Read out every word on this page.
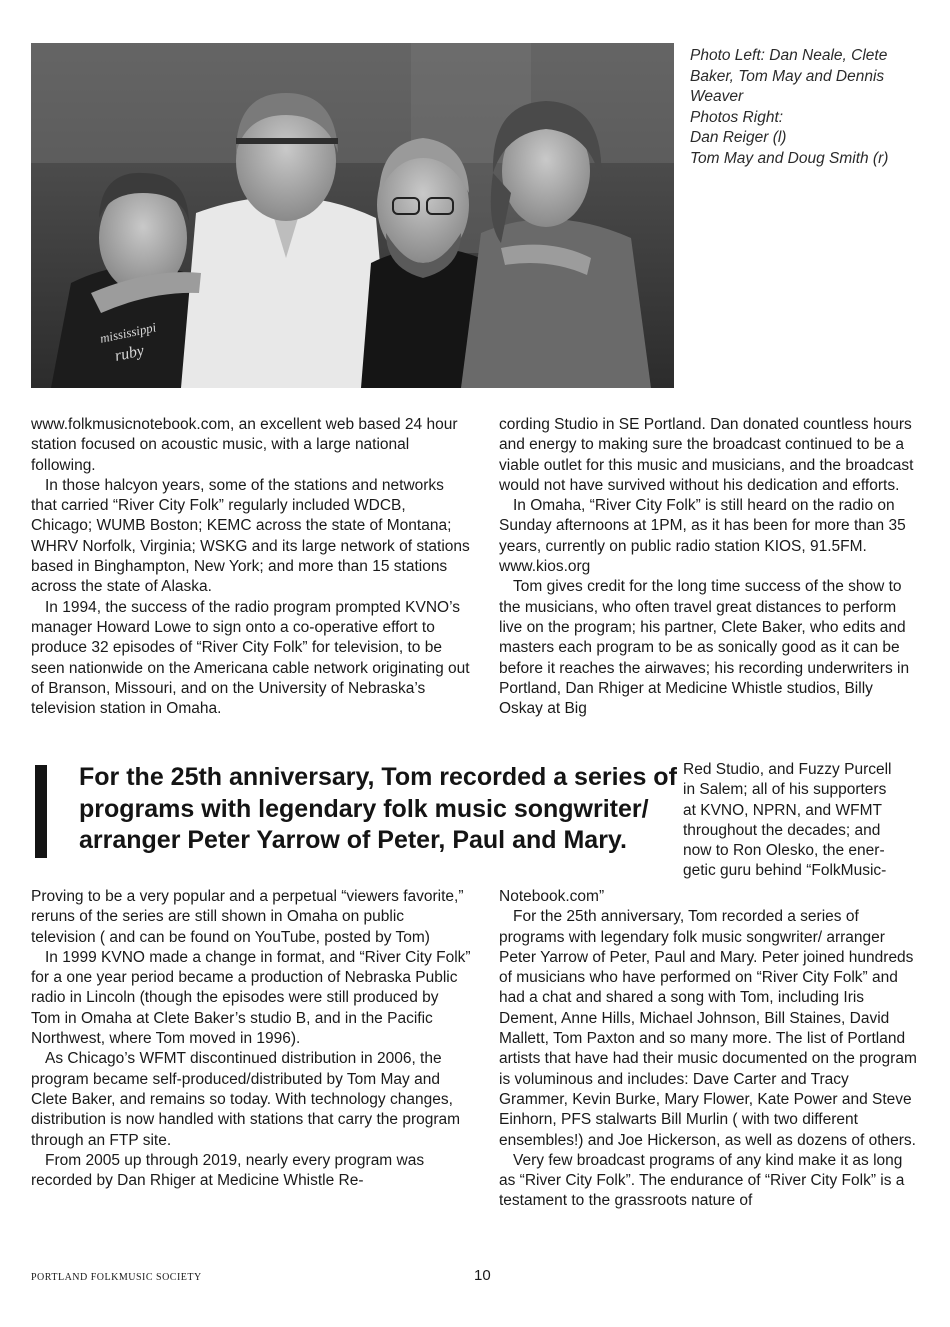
mississippi
ruby
Photo Left: Dan Neale, Clete
Baker, Tom May and Dennis
Weaver
Photos Right:
Dan Reiger (l)
Tom May and Doug Smith (r)

www.folkmusicnotebook.com, an excellent web based 24 hour station focused on acoustic music, with a large national following.

In those halcyon years, some of the stations and networks that carried “River City Folk” regularly included WDCB, Chicago; WUMB Boston; KEMC across the state of Montana; WHRV Norfolk, Virginia; WSKG and its large network of stations based in Binghampton, New York; and more than 15 stations across the state of Alaska.

In 1994, the success of the radio program prompted KVNO’s manager Howard Lowe to sign onto a co-operative effort to produce 32 episodes of “River City Folk” for television, to be seen nationwide on the Americana cable network originating out of Branson, Missouri, and on the University of Nebraska’s television station in Omaha.

cording Studio in SE Portland. Dan donated countless hours and energy to making sure the broadcast continued to be a viable outlet for this music and musicians, and the broadcast would not have survived without his dedication and efforts.

In Omaha, “River City Folk” is still heard on the radio on Sunday afternoons at 1PM, as it has been for more than 35 years, currently on public radio station KIOS, 91.5FM. www.kios.org

Tom gives credit for the long time success of the show to the musicians, who often travel great distances to perform live on the program; his partner, Clete Baker, who edits and masters each program to be as sonically good as it can be before it reaches the airwaves; his recording underwriters in Portland, Dan Rhiger at Medicine Whistle studios, Billy Oskay at Big

Red Studio, and Fuzzy Purcell
in Salem; all of his supporters
at KVNO, NPRN, and WFMT
throughout the decades; and
now to Ron Olesko, the ener-
getic guru behind “FolkMusic-
For the 25th anniversary, Tom recorded a series of
programs with legendary folk music songwriter/
arranger Peter Yarrow of Peter, Paul and Mary.

Proving to be a very popular and a perpetual “viewers favorite,” reruns of the series are still shown in Omaha on public television ( and can be found on YouTube, posted by Tom)

In 1999 KVNO made a change in format, and “River City Folk” for a one year period became a production of Nebraska Public radio in Lincoln (though the episodes were still produced by Tom in Omaha at Clete Baker’s studio B, and in the Pacific Northwest, where Tom moved in 1996).

As Chicago’s WFMT discontinued distribution in 2006, the program became self-produced/distributed by Tom May and Clete Baker, and remains so today. With technology changes, distribution is now handled with stations that carry the program through an FTP site.

From 2005 up through 2019, nearly every program was recorded by Dan Rhiger at Medicine Whistle Re-

Notebook.com”

For the 25th anniversary, Tom recorded a series of programs with legendary folk music songwriter/ arranger Peter Yarrow of Peter, Paul and Mary. Peter joined hundreds of musicians who have performed on “River City Folk” and had a chat and shared a song with Tom, including Iris Dement, Anne Hills, Michael Johnson, Bill Staines, David Mallett, Tom Paxton and so many more. The list of Portland artists that have had their music documented on the program is voluminous and includes: Dave Carter and Tracy Grammer, Kevin Burke, Mary Flower, Kate Power and Steve Einhorn, PFS stalwarts Bill Murlin ( with two different ensembles!) and Joe Hickerson, as well as dozens of others.

Very few broadcast programs of any kind make it as long as “River City Folk”. The endurance of “River City Folk” is a testament to the grassroots nature of

PORTLAND FOLKMUSIC SOCIETY	10
